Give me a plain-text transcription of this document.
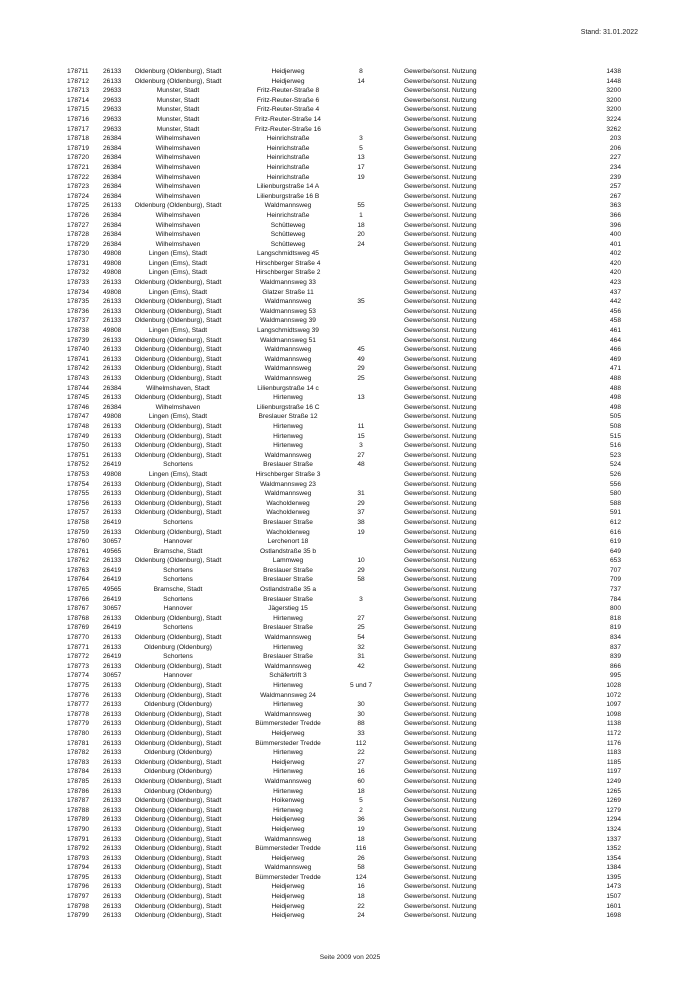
Stand: 31.01.2022
178711 26133 Oldenburg (Oldenburg), Stadt	Heidjerweg	8	Gewerbe/sonst. Nutzung	1438
178712 26133 Oldenburg (Oldenburg), Stadt	Heidjerweg	14	Gewerbe/sonst. Nutzung	1448
178713 29633	Munster, Stadt	Fritz-Reuter-Straße 8	Gewerbe/sonst. Nutzung	3200
178714 29633	Munster, Stadt	Fritz-Reuter-Straße 6	Gewerbe/sonst. Nutzung	3200
178715 29633	Munster, Stadt	Fritz-Reuter-Straße 4	Gewerbe/sonst. Nutzung	3200
178716 29633	Munster, Stadt	Fritz-Reuter-Straße 14	Gewerbe/sonst. Nutzung	3224
178717 29633	Munster, Stadt	Fritz-Reuter-Straße 16	Gewerbe/sonst. Nutzung	3262
178718 26384	Wilhelmshaven	Heinrichstraße	3	Gewerbe/sonst. Nutzung	203
178719 26384	Wilhelmshaven	Heinrichstraße	5	Gewerbe/sonst. Nutzung	206
178720 26384	Wilhelmshaven	Heinrichstraße	13	Gewerbe/sonst. Nutzung	227
178721 26384	Wilhelmshaven	Heinrichstraße	17	Gewerbe/sonst. Nutzung	234
178722 26384	Wilhelmshaven	Heinrichstraße	19	Gewerbe/sonst. Nutzung	239
178723 26384	Wilhelmshaven	Lilienburgstraße 14 A	Gewerbe/sonst. Nutzung	257
178724 26384	Wilhelmshaven	Lilienburgstraße 16 B	Gewerbe/sonst. Nutzung	267
178725 26133 Oldenburg (Oldenburg), Stadt	Waldmannsweg	55	Gewerbe/sonst. Nutzung	363
178726 26384	Wilhelmshaven	Heinrichstraße	1	Gewerbe/sonst. Nutzung	366
178727 26384	Wilhelmshaven	Schütteweg	18	Gewerbe/sonst. Nutzung	396
178728 26384	Wilhelmshaven	Schütteweg	20	Gewerbe/sonst. Nutzung	400
178729 26384	Wilhelmshaven	Schütteweg	24	Gewerbe/sonst. Nutzung	401
178730 49808	Lingen (Ems), Stadt	Langschmidtsweg 45	Gewerbe/sonst. Nutzung	402
178731 49808	Lingen (Ems), Stadt	Hirschberger Straße 4	Gewerbe/sonst. Nutzung	420
178732 49808	Lingen (Ems), Stadt	Hirschberger Straße 2	Gewerbe/sonst. Nutzung	420
178733 26133 Oldenburg (Oldenburg), Stadt	Waldmannsweg 33	Gewerbe/sonst. Nutzung	423
178734 49808	Lingen (Ems), Stadt	Glatzer Straße 11	Gewerbe/sonst. Nutzung	437
178735 26133 Oldenburg (Oldenburg), Stadt	Waldmannsweg	35	Gewerbe/sonst. Nutzung	442
178736 26133 Oldenburg (Oldenburg), Stadt	Waldmannsweg 53	Gewerbe/sonst. Nutzung	456
178737 26133 Oldenburg (Oldenburg), Stadt	Waldmannsweg 39	Gewerbe/sonst. Nutzung	458
178738 49808	Lingen (Ems), Stadt	Langschmidtsweg 39	Gewerbe/sonst. Nutzung	461
178739 26133 Oldenburg (Oldenburg), Stadt	Waldmannsweg 51	Gewerbe/sonst. Nutzung	464
178740 26133 Oldenburg (Oldenburg), Stadt	Waldmannsweg	45	Gewerbe/sonst. Nutzung	466
178741 26133 Oldenburg (Oldenburg), Stadt	Waldmannsweg	49	Gewerbe/sonst. Nutzung	469
178742 26133 Oldenburg (Oldenburg), Stadt	Waldmannsweg	29	Gewerbe/sonst. Nutzung	471
178743 26133 Oldenburg (Oldenburg), Stadt	Waldmannsweg	25	Gewerbe/sonst. Nutzung	488
178744 26384	Wilhelmshaven, Stadt	Lilienburgstraße 14 c	Gewerbe/sonst. Nutzung	488
178745 26133 Oldenburg (Oldenburg), Stadt	Hirtenweg	13	Gewerbe/sonst. Nutzung	498
178746 26384	Wilhelmshaven	Lilienburgstraße 16 C	Gewerbe/sonst. Nutzung	498
178747 49808	Lingen (Ems), Stadt	Breslauer Straße 12	Gewerbe/sonst. Nutzung	505
178748 26133 Oldenburg (Oldenburg), Stadt	Hirtenweg	11	Gewerbe/sonst. Nutzung	508
178749 26133 Oldenburg (Oldenburg), Stadt	Hirtenweg	15	Gewerbe/sonst. Nutzung	515
178750 26133 Oldenburg (Oldenburg), Stadt	Hirtenweg	3	Gewerbe/sonst. Nutzung	516
178751 26133 Oldenburg (Oldenburg), Stadt	Waldmannsweg	27	Gewerbe/sonst. Nutzung	523
178752 26419	Schortens	Breslauer Straße	48	Gewerbe/sonst. Nutzung	524
178753 49808	Lingen (Ems), Stadt	Hirschberger Straße 3	Gewerbe/sonst. Nutzung	526
178754 26133 Oldenburg (Oldenburg), Stadt	Waldmannsweg 23	Gewerbe/sonst. Nutzung	556
178755 26133 Oldenburg (Oldenburg), Stadt	Waldmannsweg	31	Gewerbe/sonst. Nutzung	580
178756 26133 Oldenburg (Oldenburg), Stadt	Wacholderweg	29	Gewerbe/sonst. Nutzung	588
178757 26133 Oldenburg (Oldenburg), Stadt	Wacholderweg	37	Gewerbe/sonst. Nutzung	591
178758 26419	Schortens	Breslauer Straße	38	Gewerbe/sonst. Nutzung	612
178759 26133 Oldenburg (Oldenburg), Stadt	Wacholderweg	19	Gewerbe/sonst. Nutzung	616
178760 30657	Hannover	Lerchenort 18	Gewerbe/sonst. Nutzung	619
178761 49565	Bramsche, Stadt	Ostlandstraße 35 b	Gewerbe/sonst. Nutzung	649
178762 26133 Oldenburg (Oldenburg), Stadt	Lammweg	10	Gewerbe/sonst. Nutzung	653
178763 26419	Schortens	Breslauer Straße	29	Gewerbe/sonst. Nutzung	707
178764 26419	Schortens	Breslauer Straße	58	Gewerbe/sonst. Nutzung	709
178765 49565	Bramsche, Stadt	Ostlandstraße 35 a	Gewerbe/sonst. Nutzung	737
178766 26419	Schortens	Breslauer Straße	3	Gewerbe/sonst. Nutzung	784
178767 30657	Hannover	Jägerstieg 15	Gewerbe/sonst. Nutzung	800
178768 26133 Oldenburg (Oldenburg), Stadt	Hirtenweg	27	Gewerbe/sonst. Nutzung	818
178769 26419	Schortens	Breslauer Straße	25	Gewerbe/sonst. Nutzung	819
178770 26133 Oldenburg (Oldenburg), Stadt	Waldmannsweg	54	Gewerbe/sonst. Nutzung	834
178771 26133	Oldenburg (Oldenburg)	Hirtenweg	32	Gewerbe/sonst. Nutzung	837
178772 26419	Schortens	Breslauer Straße	31	Gewerbe/sonst. Nutzung	839
178773 26133 Oldenburg (Oldenburg), Stadt	Waldmannsweg	42	Gewerbe/sonst. Nutzung	866
178774 30657	Hannover	Schäfertrift 3	Gewerbe/sonst. Nutzung	995
178775 26133 Oldenburg (Oldenburg), Stadt	Hirtenweg	5 und 7	Gewerbe/sonst. Nutzung	1028
178776 26133 Oldenburg (Oldenburg), Stadt	Waldmannsweg 24	Gewerbe/sonst. Nutzung	1072
178777 26133	Oldenburg (Oldenburg)	Hirtenweg	30	Gewerbe/sonst. Nutzung	1097
178778 26133 Oldenburg (Oldenburg), Stadt	Waldmannsweg	30	Gewerbe/sonst. Nutzung	1098
178779 26133 Oldenburg (Oldenburg), Stadt	Bümmersteder Tredde	88	Gewerbe/sonst. Nutzung	1138
178780 26133 Oldenburg (Oldenburg), Stadt	Heidjerweg	33	Gewerbe/sonst. Nutzung	1172
178781 26133 Oldenburg (Oldenburg), Stadt	Bümmersteder Tredde	112	Gewerbe/sonst. Nutzung	1176
178782 26133	Oldenburg (Oldenburg)	Hirtenweg	22	Gewerbe/sonst. Nutzung	1183
178783 26133 Oldenburg (Oldenburg), Stadt	Heidjerweg	27	Gewerbe/sonst. Nutzung	1185
178784 26133	Oldenburg (Oldenburg)	Hirtenweg	16	Gewerbe/sonst. Nutzung	1197
178785 26133 Oldenburg (Oldenburg), Stadt	Waldmannsweg	60	Gewerbe/sonst. Nutzung	1249
178786 26133	Oldenburg (Oldenburg)	Hirtenweg	18	Gewerbe/sonst. Nutzung	1265
178787 26133 Oldenburg (Oldenburg), Stadt	Hoikenweg	5	Gewerbe/sonst. Nutzung	1269
178788 26133 Oldenburg (Oldenburg), Stadt	Hirtenweg	2	Gewerbe/sonst. Nutzung	1279
178789 26133 Oldenburg (Oldenburg), Stadt	Heidjerweg	36	Gewerbe/sonst. Nutzung	1294
178790 26133 Oldenburg (Oldenburg), Stadt	Heidjerweg	19	Gewerbe/sonst. Nutzung	1324
178791 26133 Oldenburg (Oldenburg), Stadt	Waldmannsweg	18	Gewerbe/sonst. Nutzung	1337
178792 26133 Oldenburg (Oldenburg), Stadt	Bümmersteder Tredde	116	Gewerbe/sonst. Nutzung	1352
178793 26133 Oldenburg (Oldenburg), Stadt	Heidjerweg	26	Gewerbe/sonst. Nutzung	1354
178794 26133 Oldenburg (Oldenburg), Stadt	Waldmannsweg	58	Gewerbe/sonst. Nutzung	1384
178795 26133 Oldenburg (Oldenburg), Stadt	Bümmersteder Tredde	124	Gewerbe/sonst. Nutzung	1395
178796 26133 Oldenburg (Oldenburg), Stadt	Heidjerweg	16	Gewerbe/sonst. Nutzung	1473
178797 26133 Oldenburg (Oldenburg), Stadt	Heidjerweg	18	Gewerbe/sonst. Nutzung	1507
178798 26133 Oldenburg (Oldenburg), Stadt	Heidjerweg	22	Gewerbe/sonst. Nutzung	1601
178799 26133 Oldenburg (Oldenburg), Stadt	Heidjerweg	24	Gewerbe/sonst. Nutzung	1698
Seite 2009 von 2025
